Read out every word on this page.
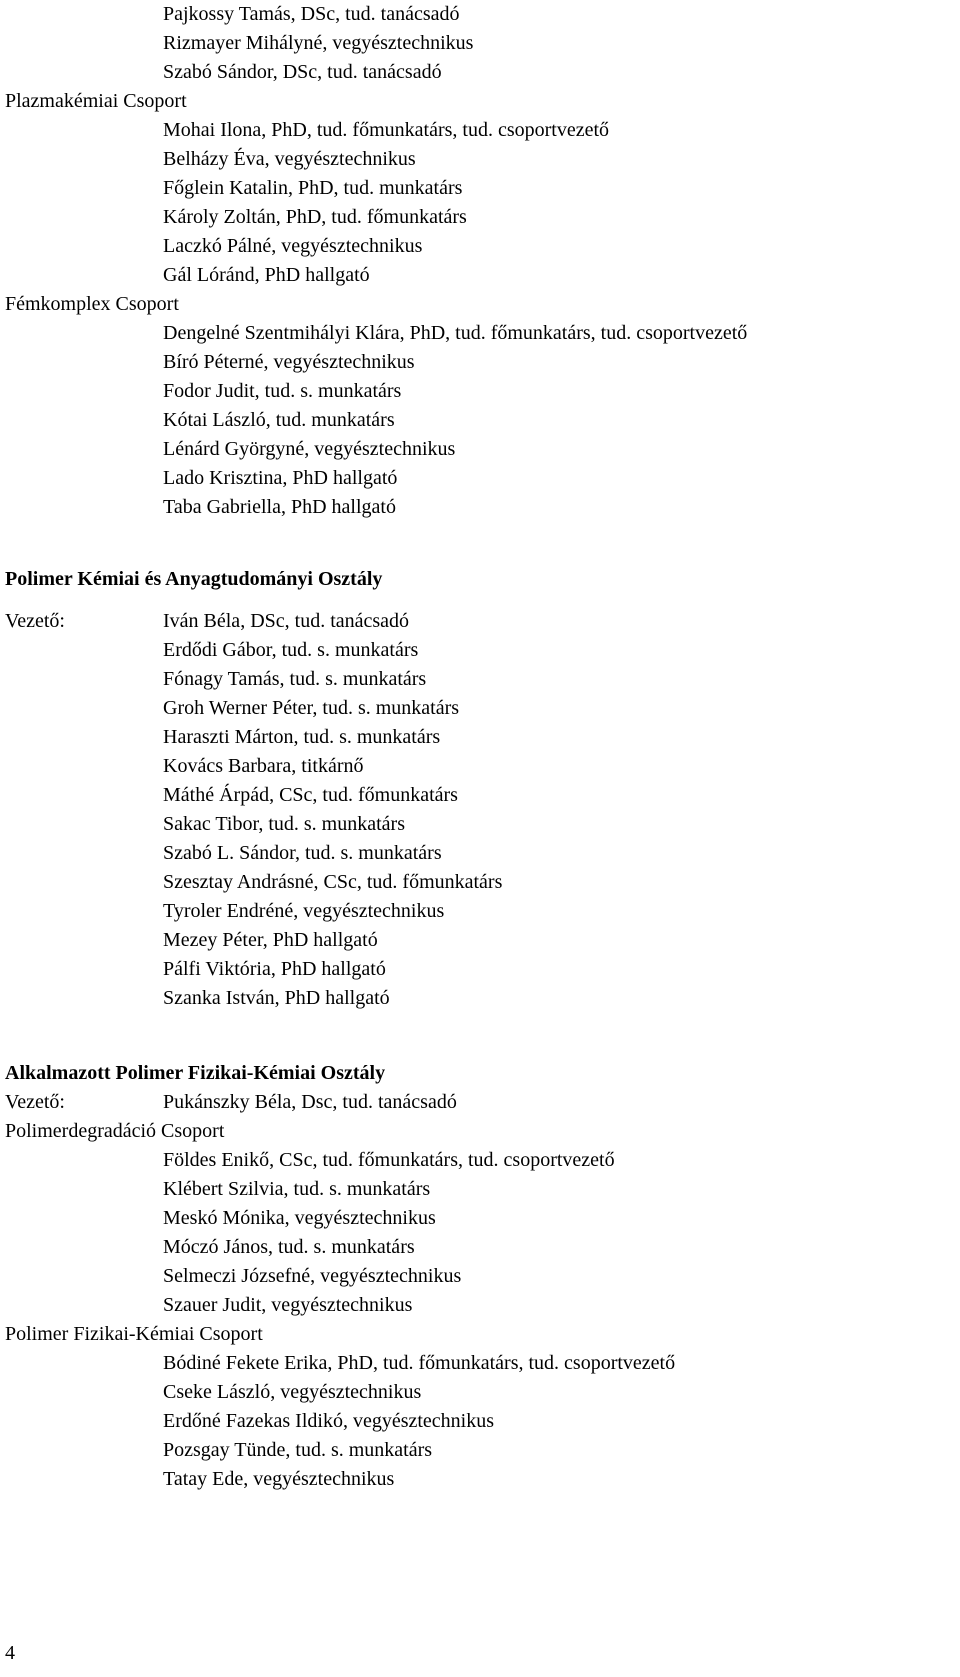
Pajkossy Tamás, DSc, tud. tanácsadó
Rizmayer Mihályné, vegyésztechnikus
Szabó Sándor, DSc, tud. tanácsadó
Plazmakémiai Csoport
Mohai Ilona, PhD, tud. főmunkatárs, tud. csoportvezető
Belházy Éva, vegyésztechnikus
Főglein Katalin, PhD, tud. munkatárs
Károly Zoltán, PhD, tud. főmunkatárs
Laczkó Pálné, vegyésztechnikus
Gál Lóránd, PhD hallgató
Fémkomplex Csoport
Dengelné Szentmihályi Klára, PhD, tud. főmunkatárs, tud. csoportvezető
Bíró Péterné, vegyésztechnikus
Fodor Judit, tud. s. munkatárs
Kótai László, tud. munkatárs
Lénárd Györgyné, vegyésztechnikus
Lado Krisztina, PhD hallgató
Taba Gabriella, PhD hallgató
Polimer Kémiai és Anyagtudományi Osztály
Vezető:	Iván Béla, DSc, tud. tanácsadó
Erdődi Gábor, tud. s. munkatárs
Fónagy Tamás, tud. s. munkatárs
Groh Werner Péter, tud. s. munkatárs
Haraszti Márton, tud. s. munkatárs
Kovács Barbara, titkárnő
Máthé Árpád, CSc, tud. főmunkatárs
Sakac Tibor, tud. s. munkatárs
Szabó L. Sándor, tud. s. munkatárs
Szesztay Andrásné, CSc, tud. főmunkatárs
Tyroler Endréné, vegyésztechnikus
Mezey Péter, PhD hallgató
Pálfi Viktória, PhD hallgató
Szanka István, PhD hallgató
Alkalmazott Polimer Fizikai-Kémiai Osztály
Vezető:	Pukánszky Béla, Dsc, tud. tanácsadó
Polimerdegradáció Csoport
Földes Enikő, CSc, tud. főmunkatárs, tud. csoportvezető
Klébert Szilvia, tud. s. munkatárs
Meskó Mónika, vegyésztechnikus
Móczó János, tud. s. munkatárs
Selmeczi Józsefné, vegyésztechnikus
Szauer Judit, vegyésztechnikus
Polimer Fizikai-Kémiai Csoport
Bódiné Fekete Erika, PhD, tud. főmunkatárs, tud. csoportvezető
Cseke László, vegyésztechnikus
Erdőné Fazekas Ildikó, vegyésztechnikus
Pozsgay Tünde, tud. s. munkatárs
Tatay Ede, vegyésztechnikus
4
